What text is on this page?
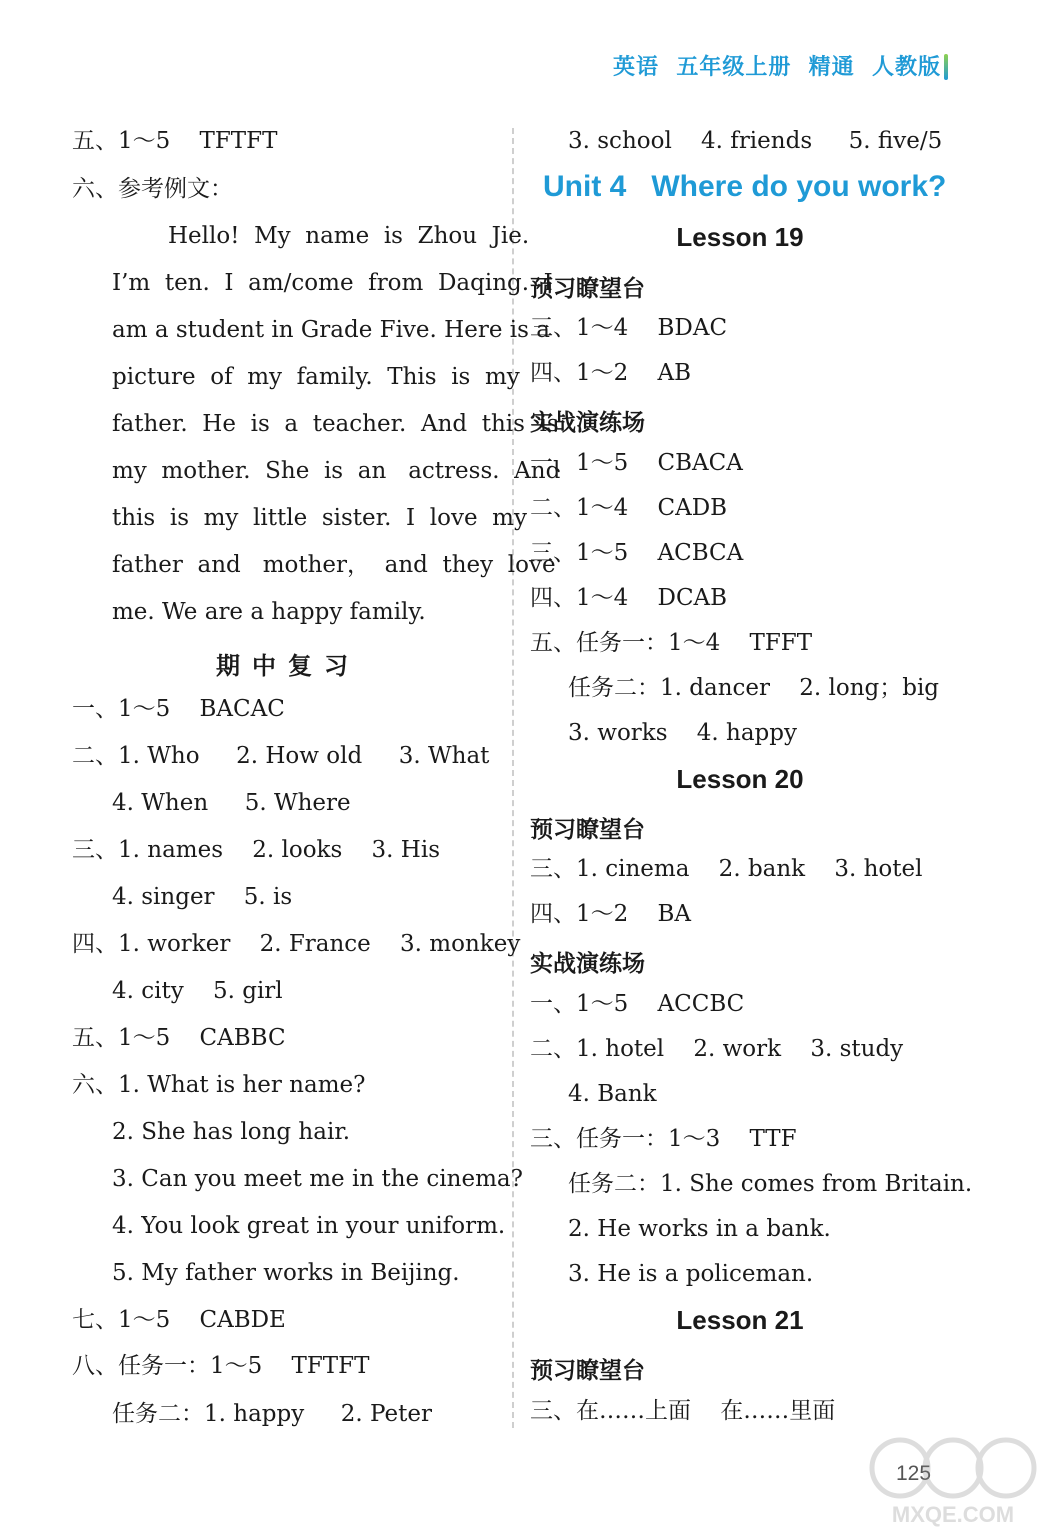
英语  五年级上册  精通  人教版
五、1～5    TFTFT
六、参考例文：
Hello!  My  name  is  Zhou  Jie.
I’m  ten.  I  am/come  from  Daqing.  I
am a student in Grade Five. Here is a
picture  of  my  family.  This  is  my
father.  He  is  a  teacher.  And  this  is
my  mother.  She  is  an   actress.  And
this  is  my  little  sister.  I  love  my
father  and   mother，  and  they  love
me. We are a happy family.
期中复习
一、1～5    BACAC
二、1. Who     2. How old     3. What
4. When     5. Where
三、1. names    2. looks    3. His
4. singer    5. is
四、1. worker    2. France    3. monkey
4. city    5. girl
五、1～5    CABBC
六、1. What is her name?
2. She has long hair.
3. Can you meet me in the cinema?
4. You look great in your uniform.
5. My father works in Beijing.
七、1～5    CABDE
八、任务一：1～5    TFTFT
任务二：1. happy     2. Peter
3. school    4. friends     5. five/5
Unit 4   Where do you work?
Lesson 19
预习瞭望台
三、1～4    BDAC
四、1～2    AB
实战演练场
一、1～5    CBACA
二、1～4    CADB
三、1～5    ACBCA
四、1～4    DCAB
五、任务一：1～4    TFFT
任务二：1. dancer    2. long；big
3. works    4. happy
Lesson 20
预习瞭望台
三、1. cinema    2. bank    3. hotel
四、1～2    BA
实战演练场
一、1～5    ACCBC
二、1. hotel    2. work    3. study
4. Bank
三、任务一：1～3    TTF
任务二：1. She comes from Britain.
2. He works in a bank.
3. He is a policeman.
Lesson 21
预习瞭望台
三、在……上面    在……里面
125
MXQE.COM
